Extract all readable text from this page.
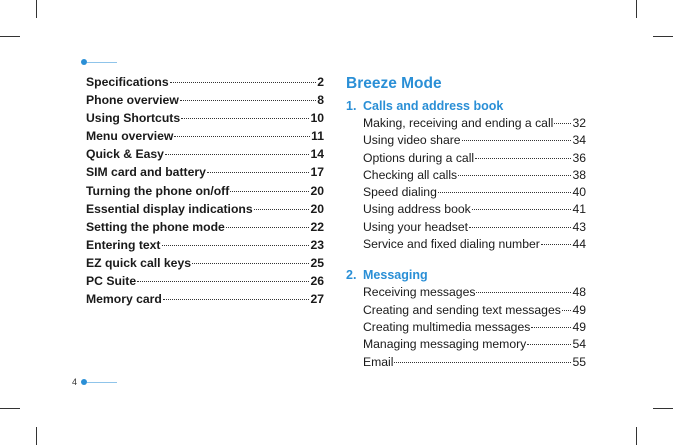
4
Specifications	2
Phone overview	8
Using Shortcuts	10
Menu overview	11
Quick & Easy	14
SIM card and battery	17
Turning the phone on/off	20
Essential display indications	20
Setting the phone mode	22
Entering text	23
EZ quick call keys	25
PC Suite	26
Memory card	27
Breeze Mode
1. Calls and address book
Making, receiving and ending a call 32
Using video share	34
Options during a call	36
Checking all calls	38
Speed dialing	40
Using address book	41
Using your headset	43
Service and fixed dialing number	44
2. Messaging
Receiving messages	48
Creating and sending text messages 49
Creating multimedia messages	49
Managing messaging memory	54
Email	55
